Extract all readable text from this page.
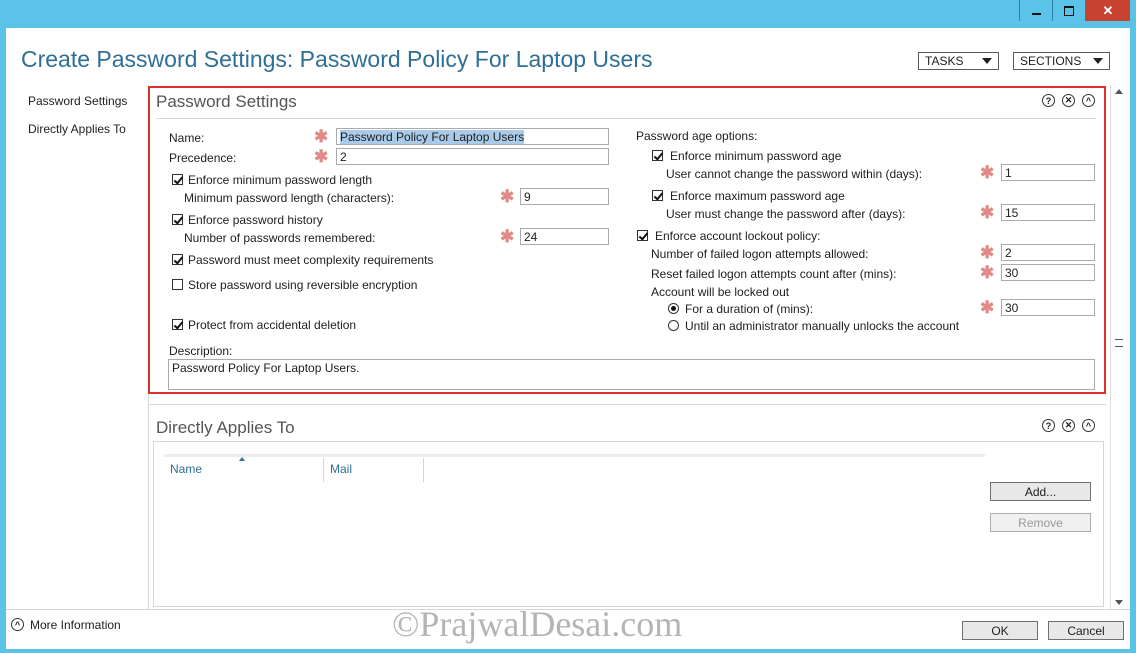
✕
Create Password Settings: Password Policy For Laptop Users	TASKS	SECTIONS
Password Settings
Directly Applies To
Password Settings	?	✕	^
Name:	✱ Password Policy For Laptop Users
Precedence:	✱ 2
Enforce minimum password length
Minimum password length (characters):	✱ 9
Enforce password history
Number of passwords remembered:	✱ 24
Password must meet complexity requirements
Store password using reversible encryption
Protect from accidental deletion
Description:
Password Policy For Laptop Users.
Password age options:
Enforce minimum password age
User cannot change the password within (days):	✱ 1
Enforce maximum password age
User must change the password after (days):	✱ 15
Enforce account lockout policy:
Number of failed logon attempts allowed:	✱ 2
Reset failed logon attempts count after (mins):	✱ 30
Account will be locked out
For a duration of (mins):	✱ 30
Until an administrator manually unlocks the account
Directly Applies To	?	✕	^
Name	Mail
Add...
Remove
^ More Information	©PrajwalDesai.com	OK	Cancel
